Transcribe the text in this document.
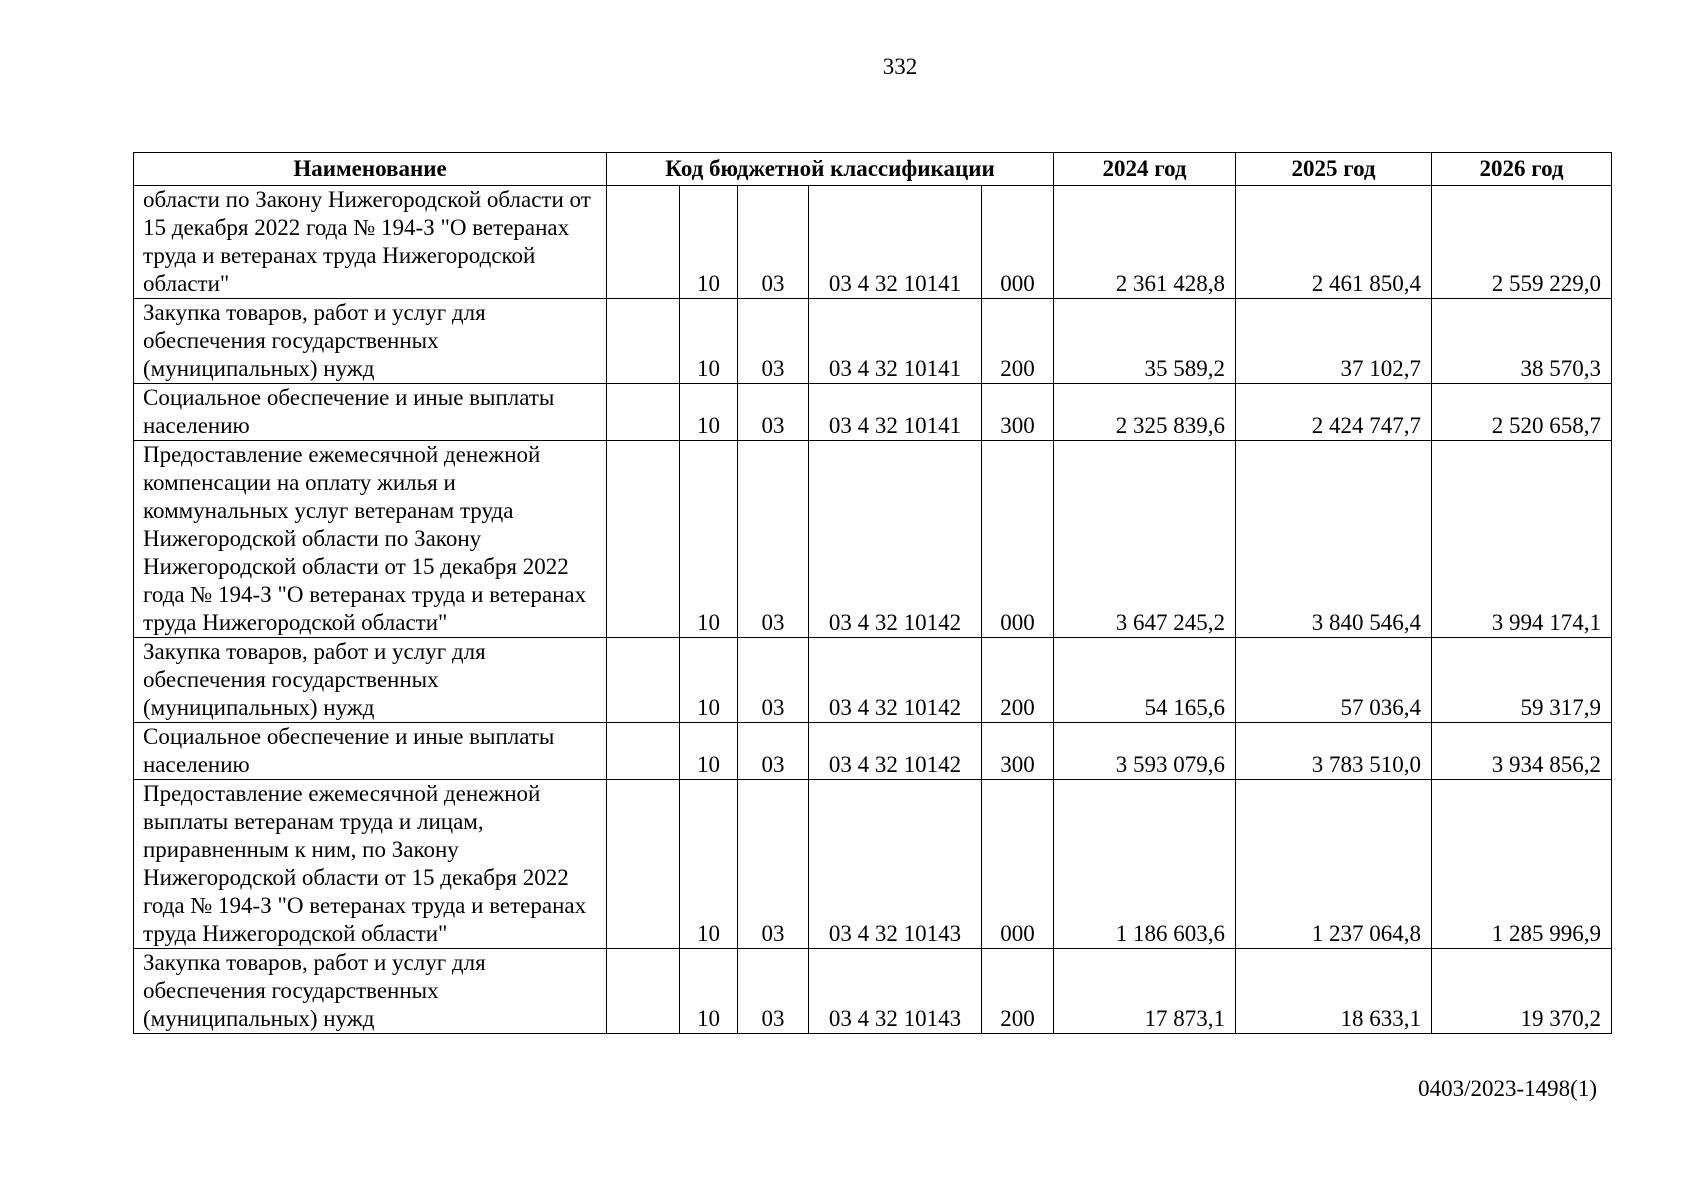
332
Наименование	Код бюджетной классификации					2024 год	2025 год	2026 год
области по Закону Нижегородской области от 15 декабря 2022 года № 194-З "О ветеранах труда и ветеранах труда Нижегородской области"		10	03	03 4 32 10141	000	2 361 428,8	2 461 850,4	2 559 229,0
Закупка товаров, работ и услуг для обеспечения государственных (муниципальных) нужд		10	03	03 4 32 10141	200	35 589,2	37 102,7	38 570,3
Социальное обеспечение и иные выплаты населению		10	03	03 4 32 10141	300	2 325 839,6	2 424 747,7	2 520 658,7
Предоставление ежемесячной денежной компенсации на оплату жилья и коммунальных услуг ветеранам труда Нижегородской области по Закону Нижегородской области от 15 декабря 2022 года № 194-З "О ветеранах труда и ветеранах труда Нижегородской области"		10	03	03 4 32 10142	000	3 647 245,2	3 840 546,4	3 994 174,1
Закупка товаров, работ и услуг для обеспечения государственных (муниципальных) нужд		10	03	03 4 32 10142	200	54 165,6	57 036,4	59 317,9
Социальное обеспечение и иные выплаты населению		10	03	03 4 32 10142	300	3 593 079,6	3 783 510,0	3 934 856,2
Предоставление ежемесячной денежной выплаты ветеранам труда и лицам, приравненным к ним, по Закону Нижегородской области от 15 декабря 2022 года № 194-З "О ветеранах труда и ветеранах труда Нижегородской области"		10	03	03 4 32 10143	000	1 186 603,6	1 237 064,8	1 285 996,9
Закупка товаров, работ и услуг для обеспечения государственных (муниципальных) нужд		10	03	03 4 32 10143	200	17 873,1	18 633,1	19 370,2
0403/2023-1498(1)
